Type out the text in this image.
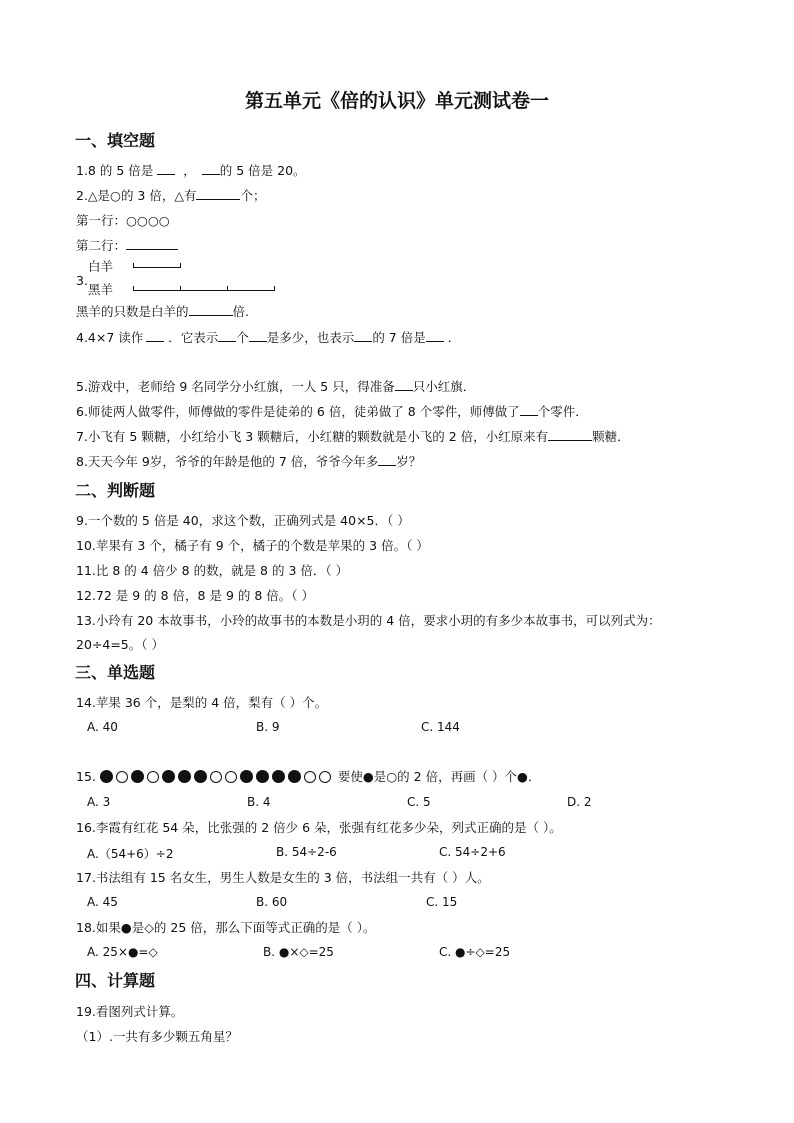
第五单元《倍的认识》单元测试卷一
一、填空题
1.8 的 5 倍是 ， 的 5 倍是 20。
2.△是○的 3 倍，△有	个；
第一行：○○○○
第二行：
3.
白羊
黑羊
黑羊的只数是白羊的	倍.
4.4×7 读作 ．它表示 个 是多少，也表示 的 7 倍是 ．
5.游戏中，老师给 9 名同学分小红旗，一人 5 只，得准备 只小红旗．
6.师徒两人做零件，师傅做的零件是徒弟的 6 倍，徒弟做了 8 个零件，师傅做了 个零件．
7.小飞有 5 颗糖，小红给小飞 3 颗糖后，小红糖的颗数就是小飞的 2 倍，小红原来有	颗糖．
8.天天今年 9岁，爷爷的年龄是他的 7 倍，爷爷今年多 岁？
二、判断题
9.一个数的 5 倍是 40，求这个数，正确列式是 40×5．（ ）
10.苹果有 3 个，橘子有 9 个，橘子的个数是苹果的 3 倍。（ ）
11.比 8 的 4 倍少 8 的数，就是 8 的 3 倍．（ ）
12.72 是 9 的 8 倍，8 是 9 的 8 倍。（ ）
13.小玲有 20 本故事书，小玲的故事书的本数是小玥的 4 倍，要求小玥的有多少本故事书，可以列式为：
20÷4=5。（ ）
三、单选题
14.苹果 36 个，是梨的 4 倍，梨有（ ）个。
A. 40	B. 9	C. 144
15.	要使●是○的 2 倍，再画（ ）个●．
A. 3	B. 4	C. 5	D. 2
16.李霞有红花 54 朵，比张强的 2 倍少 6 朵，张强有红花多少朵，列式正确的是（ ）。
A.（54+6）÷2	B. 54÷2-6	C. 54÷2+6
17.书法组有 15 名女生，男生人数是女生的 3 倍，书法组一共有（ ）人。
A. 45	B. 60	C. 15
18.如果●是◇的 25 倍，那么下面等式正确的是（ ）。
A. 25×●=◇	B. ●×◇=25	C. ●÷◇=25
四、计算题
19.看图列式计算。
（1）.一共有多少颗五角星？
